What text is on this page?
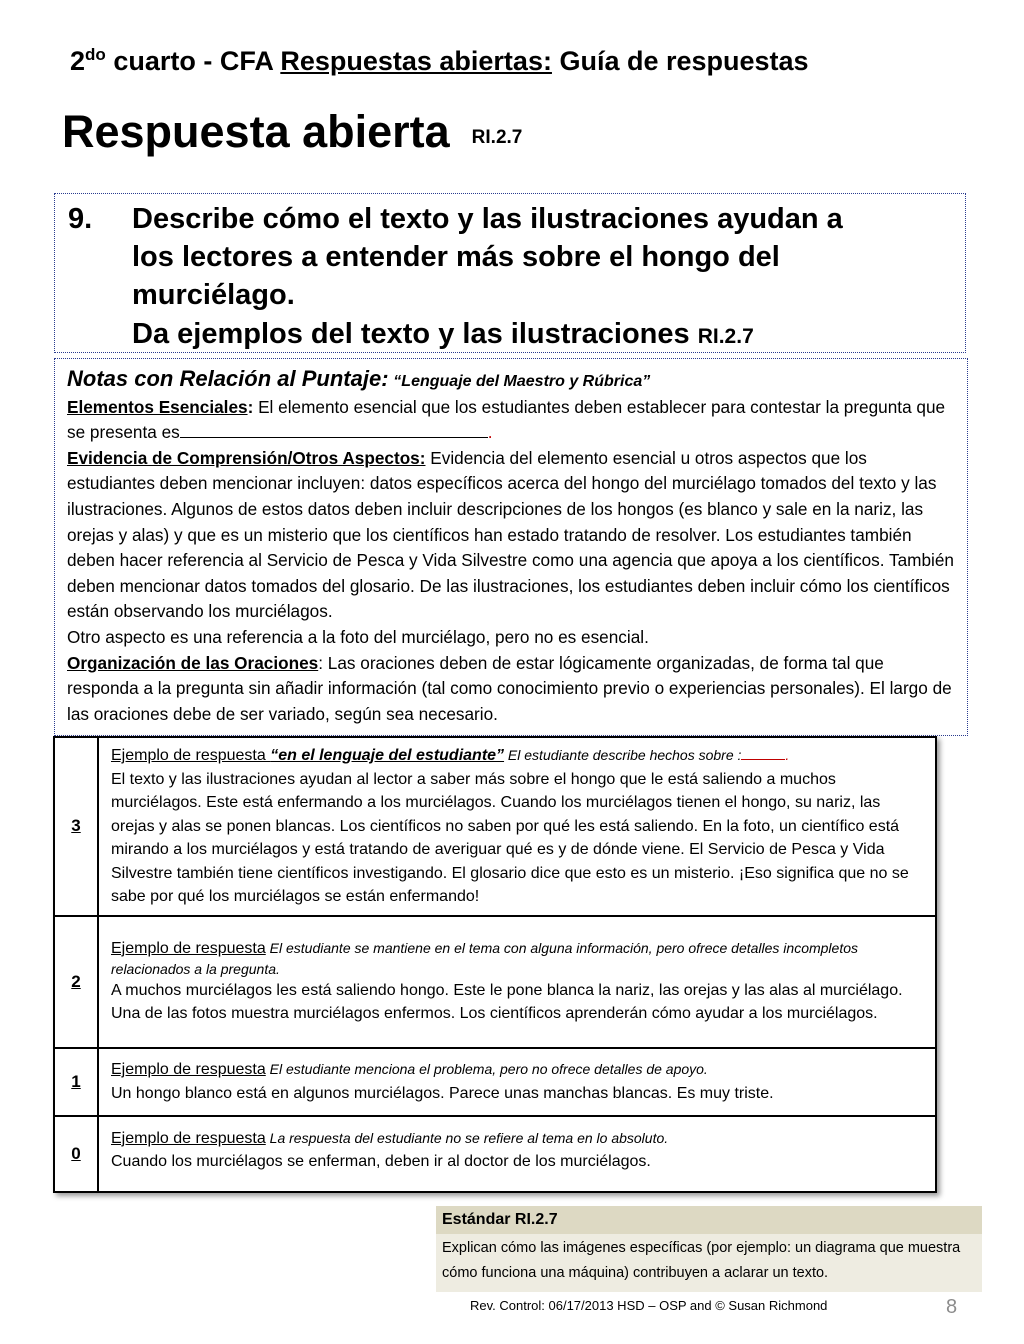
$2^{do}$ cuarto - CFA Respuestas abiertas: Guía de respuestas
Respuesta abierta RI.2.7
9. Describe cómo el texto y las ilustraciones ayudan a
los lectores a entender más sobre el hongo del
murciélago.
Da ejemplos del texto y las ilustraciones RI.2.7
Notas con Relación al Puntaje: “Lenguaje del Maestro y Rúbrica”
Elementos Esenciales: El elemento esencial que los estudiantes deben establecer para contestar la pregunta que se presenta es	.
Evidencia de Comprensión/Otros Aspectos: Evidencia del elemento esencial u otros aspectos que los estudiantes deben mencionar incluyen: datos específicos acerca del hongo del murciélago tomados del texto y las ilustraciones. Algunos de estos datos deben incluir descripciones de los hongos (es blanco y sale en la nariz, las orejas y alas) y que es un misterio que los científicos han estado tratando de resolver. Los estudiantes también deben hacer referencia al Servicio de Pesca y Vida Silvestre como una agencia que apoya a los científicos. También deben mencionar datos tomados del glosario. De las ilustraciones, los estudiantes deben incluir cómo los científicos están observando los murciélagos.
Otro aspecto es una referencia a la foto del murciélago, pero no es esencial.
Organización de las Oraciones: Las oraciones deben de estar lógicamente organizadas, de forma tal que responda a la pregunta sin añadir información (tal como conocimiento previo o experiencias personales). El largo de las oraciones debe de ser variado, según sea necesario.
3	Ejemplo de respuesta “en el lenguaje del estudiante” El estudiante describe hechos sobre : .
El texto y las ilustraciones ayudan al lector a saber más sobre el hongo que le está saliendo a muchos murciélagos. Este está enfermando a los murciélagos. Cuando los murciélagos tienen el hongo, su nariz, las orejas y alas se ponen blancas. Los científicos no saben por qué les está saliendo. En la foto, un científico está mirando a los murciélagos y está tratando de averiguar qué es y de dónde viene. El Servicio de Pesca y Vida Silvestre también tiene científicos investigando. El glosario dice que esto es un misterio. ¡Eso significa que no se sabe por qué los murciélagos se están enfermando!

2	Ejemplo de respuesta El estudiante se mantiene en el tema con alguna información, pero ofrece detalles incompletos relacionados a la pregunta.
A muchos murciélagos les está saliendo hongo. Este le pone blanca la nariz, las orejas y las alas al murciélago. Una de las fotos muestra murciélagos enfermos. Los científicos aprenderán cómo ayudar a los murciélagos.

1	Ejemplo de respuesta El estudiante menciona el problema, pero no ofrece detalles de apoyo.
Un hongo blanco está en algunos murciélagos. Parece unas manchas blancas. Es muy triste.

0	Ejemplo de respuesta La respuesta del estudiante no se refiere al tema en lo absoluto.
Cuando los murciélagos se enferman, deben ir al doctor de los murciélagos.
Estándar RI.2.7
Explican cómo las imágenes específicas (por ejemplo: un diagrama que muestra cómo funciona una máquina) contribuyen a aclarar un texto.
Rev. Control: 06/17/2013 HSD – OSP and © Susan Richmond	8
